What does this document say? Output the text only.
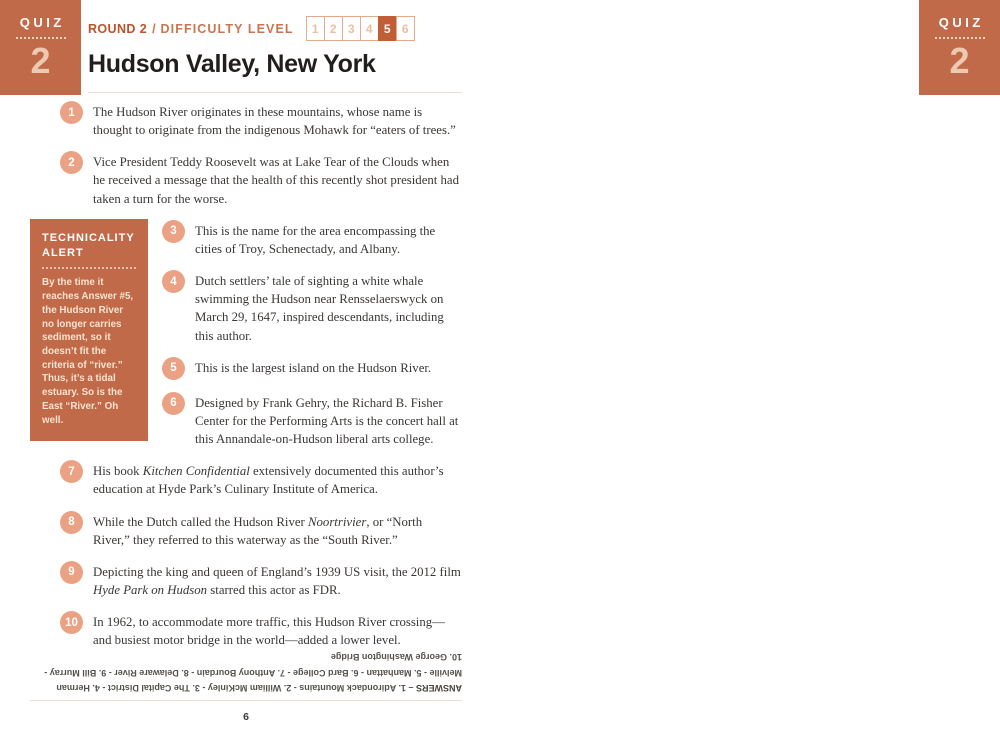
QUIZ
2
ROUND 2 / DIFFICULTY LEVEL	1 2 3 4 5 6
Hudson Valley, New York
1	The Hudson River originates in these mountains, whose name is thought to originate from the indigenous Mohawk for “eaters of trees.”
2	Vice President Teddy Roosevelt was at Lake Tear of the Clouds when he received a message that the health of this recently shot president had taken a turn for the worse.
TECHNICALITY ALERT
By the time it reaches Answer #5, the Hudson River no longer carries sediment, so it doesn’t fit the criteria of “river.” Thus, it’s a tidal estuary. So is the East “River.” Oh well.
3	This is the name for the area encompassing the cities of Troy, Schenectady, and Albany.
4	Dutch settlers’ tale of sighting a white whale swimming the Hudson near Rensselaerswyck on March 29, 1647, inspired descendants, including this author.
5	This is the largest island on the Hudson River.
6	Designed by Frank Gehry, the Richard B. Fisher Center for the Performing Arts is the concert hall at this Annandale-on-Hudson liberal arts college.
7	His book Kitchen Confidential extensively documented this author’s education at Hyde Park’s Culinary Institute of America.
8	While the Dutch called the Hudson River Noortrivier, or “North River,” they referred to this waterway as the “South River.”
9	Depicting the king and queen of England’s 1939 US visit, the 2012 film Hyde Park on Hudson starred this actor as FDR.
10	In 1962, to accommodate more traffic, this Hudson River crossing—and busiest motor bridge in the world—added a lower level.
ANSWERS – 1. Adirondack Mountains - 2. William McKinley - 3. The Capital District - 4. Herman Melville - 5. Manhattan - 6. Bard College - 7. Anthony Bourdain - 8. Delaware River - 9. Bill Murray - 10. George Washington Bridge
6
QUIZ
2
